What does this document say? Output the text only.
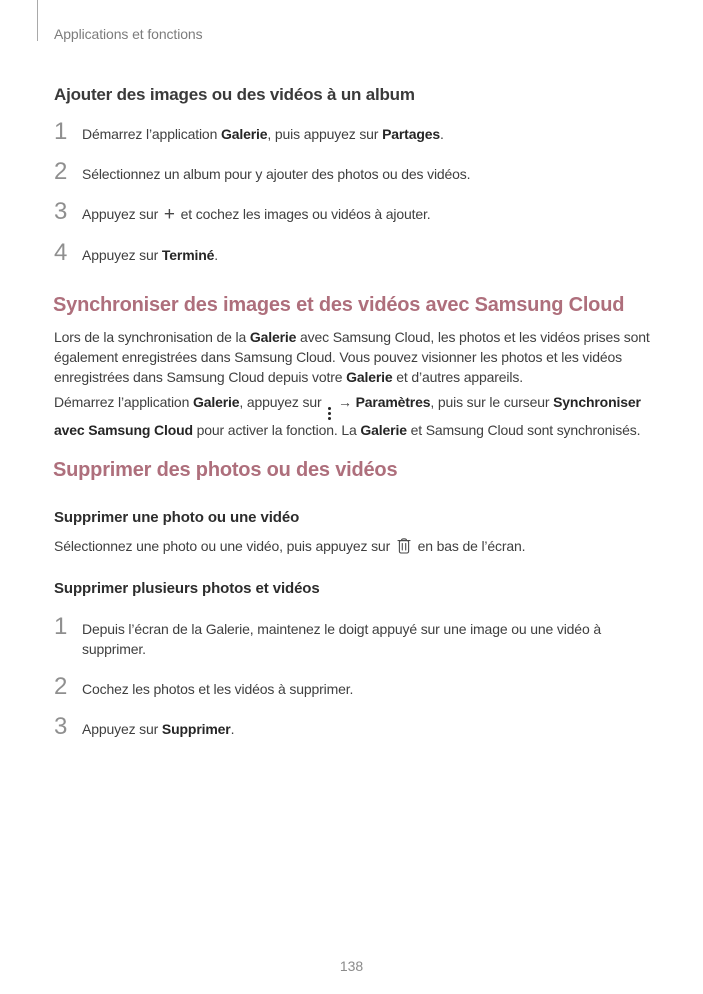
Applications et fonctions
Ajouter des images ou des vidéos à un album
1	Démarrez l’application Galerie, puis appuyez sur Partages.
2	Sélectionnez un album pour y ajouter des photos ou des vidéos.
3	Appuyez sur + et cochez les images ou vidéos à ajouter.
4	Appuyez sur Terminé.
Synchroniser des images et des vidéos avec Samsung Cloud

Lors de la synchronisation de la Galerie avec Samsung Cloud, les photos et les vidéos prises sont également enregistrées dans Samsung Cloud. Vous pouvez visionner les photos et les vidéos enregistrées dans Samsung Cloud depuis votre Galerie et d’autres appareils.

Démarrez l’application Galerie, appuyez sur
→ Paramètres, puis sur le curseur Synchroniser avec Samsung Cloud pour activer la fonction. La Galerie et Samsung Cloud sont synchronisés.

Supprimer des photos ou des vidéos
Supprimer une photo ou une vidéo

Sélectionnez une photo ou une vidéo, puis appuyez sur  en bas de l’écran.

Supprimer plusieurs photos et vidéos
1	Depuis l’écran de la Galerie, maintenez le doigt appuyé sur une image ou une vidéo à supprimer.
2	Cochez les photos et les vidéos à supprimer.
3	Appuyez sur Supprimer.
138
